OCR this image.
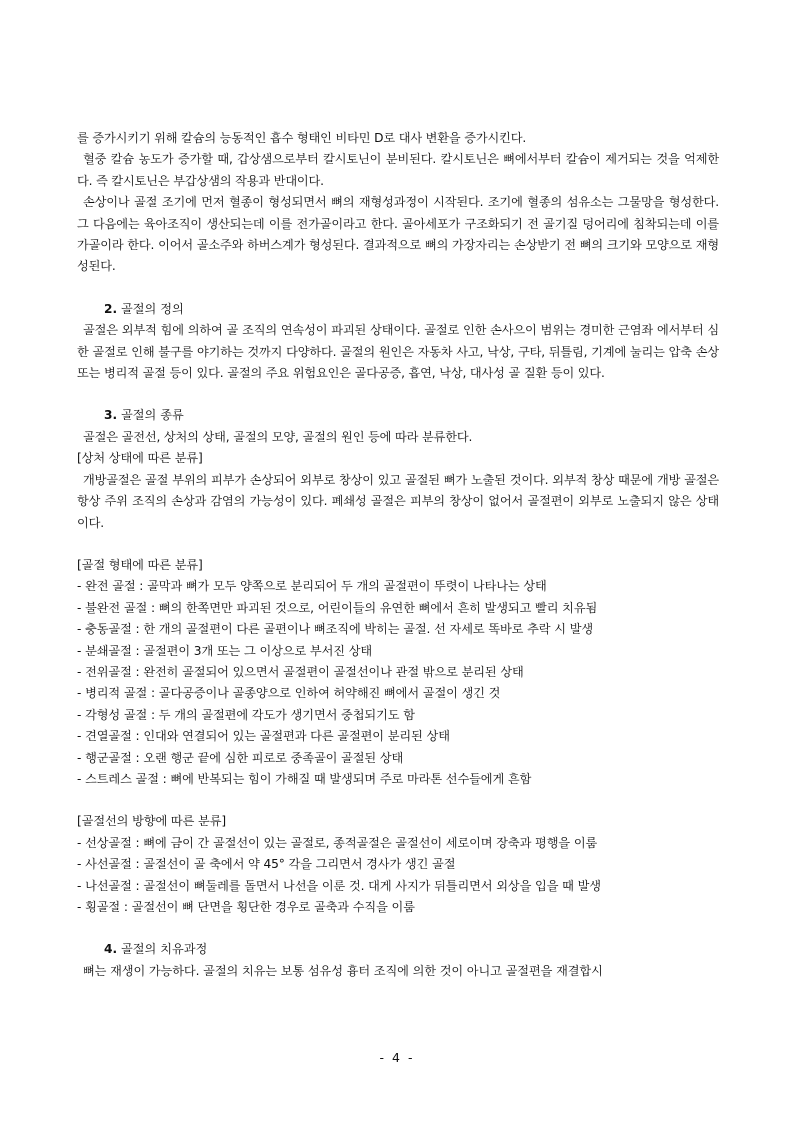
를 증가시키기 위해 칼슘의 능동적인 흡수 형태인 비타민 D로 대사 변환을 증가시킨다.

혈중 칼슘 농도가 증가할 때, 갑상샘으로부터 칼시토닌이 분비된다. 칼시토닌은 뼈에서부터 칼슘이 제거되는 것을 억제한다. 즉 칼시토닌은 부갑상샘의 작용과 반대이다.

손상이나 골절 조기에 먼저 혈종이 형성되면서 뼈의 재형성과정이 시작된다. 조기에 혈종의 섬유소는 그물망을 형성한다. 그 다음에는 육아조직이 생산되는데 이를 전가골이라고 한다. 골아세포가 구조화되기 전 골기질 덩어리에 침착되는데 이를 가골이라 한다. 이어서 골소주와 하버스계가 형성된다. 결과적으로 뼈의 가장자리는 손상받기 전 뼈의 크기와 모양으로 재형성된다.

2. 골절의 정의

골절은 외부적 힘에 의하여 골 조직의 연속성이 파괴된 상태이다. 골절로 인한 손사으이 범위는 경미한 근염좌 에서부터 심한 골절로 인해 불구를 야기하는 것까지 다양하다. 골절의 원인은 자동차 사고, 낙상, 구타, 뒤틀림, 기계에 눌리는 압축 손상 또는 병리적 골절 등이 있다. 골절의 주요 위험요인은 골다공증, 흡연, 낙상, 대사성 골 질환 등이 있다.

3. 골절의 종류

골절은 골전선, 상처의 상태, 골절의 모양, 골절의 원인 등에 따라 분류한다.

[상처 상태에 따른 분류]

개방골절은 골절 부위의 피부가 손상되어 외부로 창상이 있고 골절된 뼈가 노출된 것이다. 외부적 창상 때문에 개방 골절은 항상 주위 조직의 손상과 감염의 가능성이 있다. 폐쇄성 골절은 피부의 창상이 없어서 골절편이 외부로 노출되지 않은 상태이다.

[골절 형태에 따른 분류]

- 완전 골절 : 골막과 뼈가 모두 양쪽으로 분리되어 두 개의 골절편이 뚜렷이 나타나는 상태

- 불완전 골절 : 뼈의 한쪽면만 파괴된 것으로, 어린이들의 유연한 뼈에서 흔히 발생되고 빨리 치유됨

- 충동골절 : 한 개의 골절편이 다른 골편이나 뼈조직에 박히는 골절. 선 자세로 똑바로 추락 시 발생

- 분쇄골절 : 골절편이 3개 또는 그 이상으로 부서진 상태

- 전위골절 : 완전히 골절되어 있으면서 골절편이 골절선이나 관절 밖으로 분리된 상태

- 병리적 골절 : 골다공증이나 골종양으로 인하여 허약해진 뼈에서 골절이 생긴 것

- 각형성 골절 : 두 개의 골절편에 각도가 생기면서 중첩되기도 함

- 견열골절 : 인대와 연결되어 있는 골절편과 다른 골절편이 분리된 상태

- 행군골절 : 오랜 행군 끝에 심한 피로로 중족골이 골절된 상태

- 스트레스 골절 : 뼈에 반복되는 힘이 가해질 때 발생되며 주로 마라톤 선수들에게 흔함

[골절선의 방향에 따른 분류]

- 선상골절 : 뼈에 금이 간 골절선이 있는 골절로, 종적골절은 골절선이 세로이며 장축과 평행을 이룸

- 사선골절 : 골절선이 골 축에서 약 45° 각을 그리면서 경사가 생긴 골절

- 나선골절 : 골절선이 뼈둘레를 돌면서 나선을 이룬 것. 대게 사지가 뒤틀리면서 외상을 입을 때 발생

- 횡골절 : 골절선이 뼈 단면을 횡단한 경우로 골축과 수직을 이룸

4. 골절의 치유과정

뼈는 재생이 가능하다. 골절의 치유는 보통 섬유성 흉터 조직에 의한 것이 아니고 골절편을 재결합시

- 4 -
